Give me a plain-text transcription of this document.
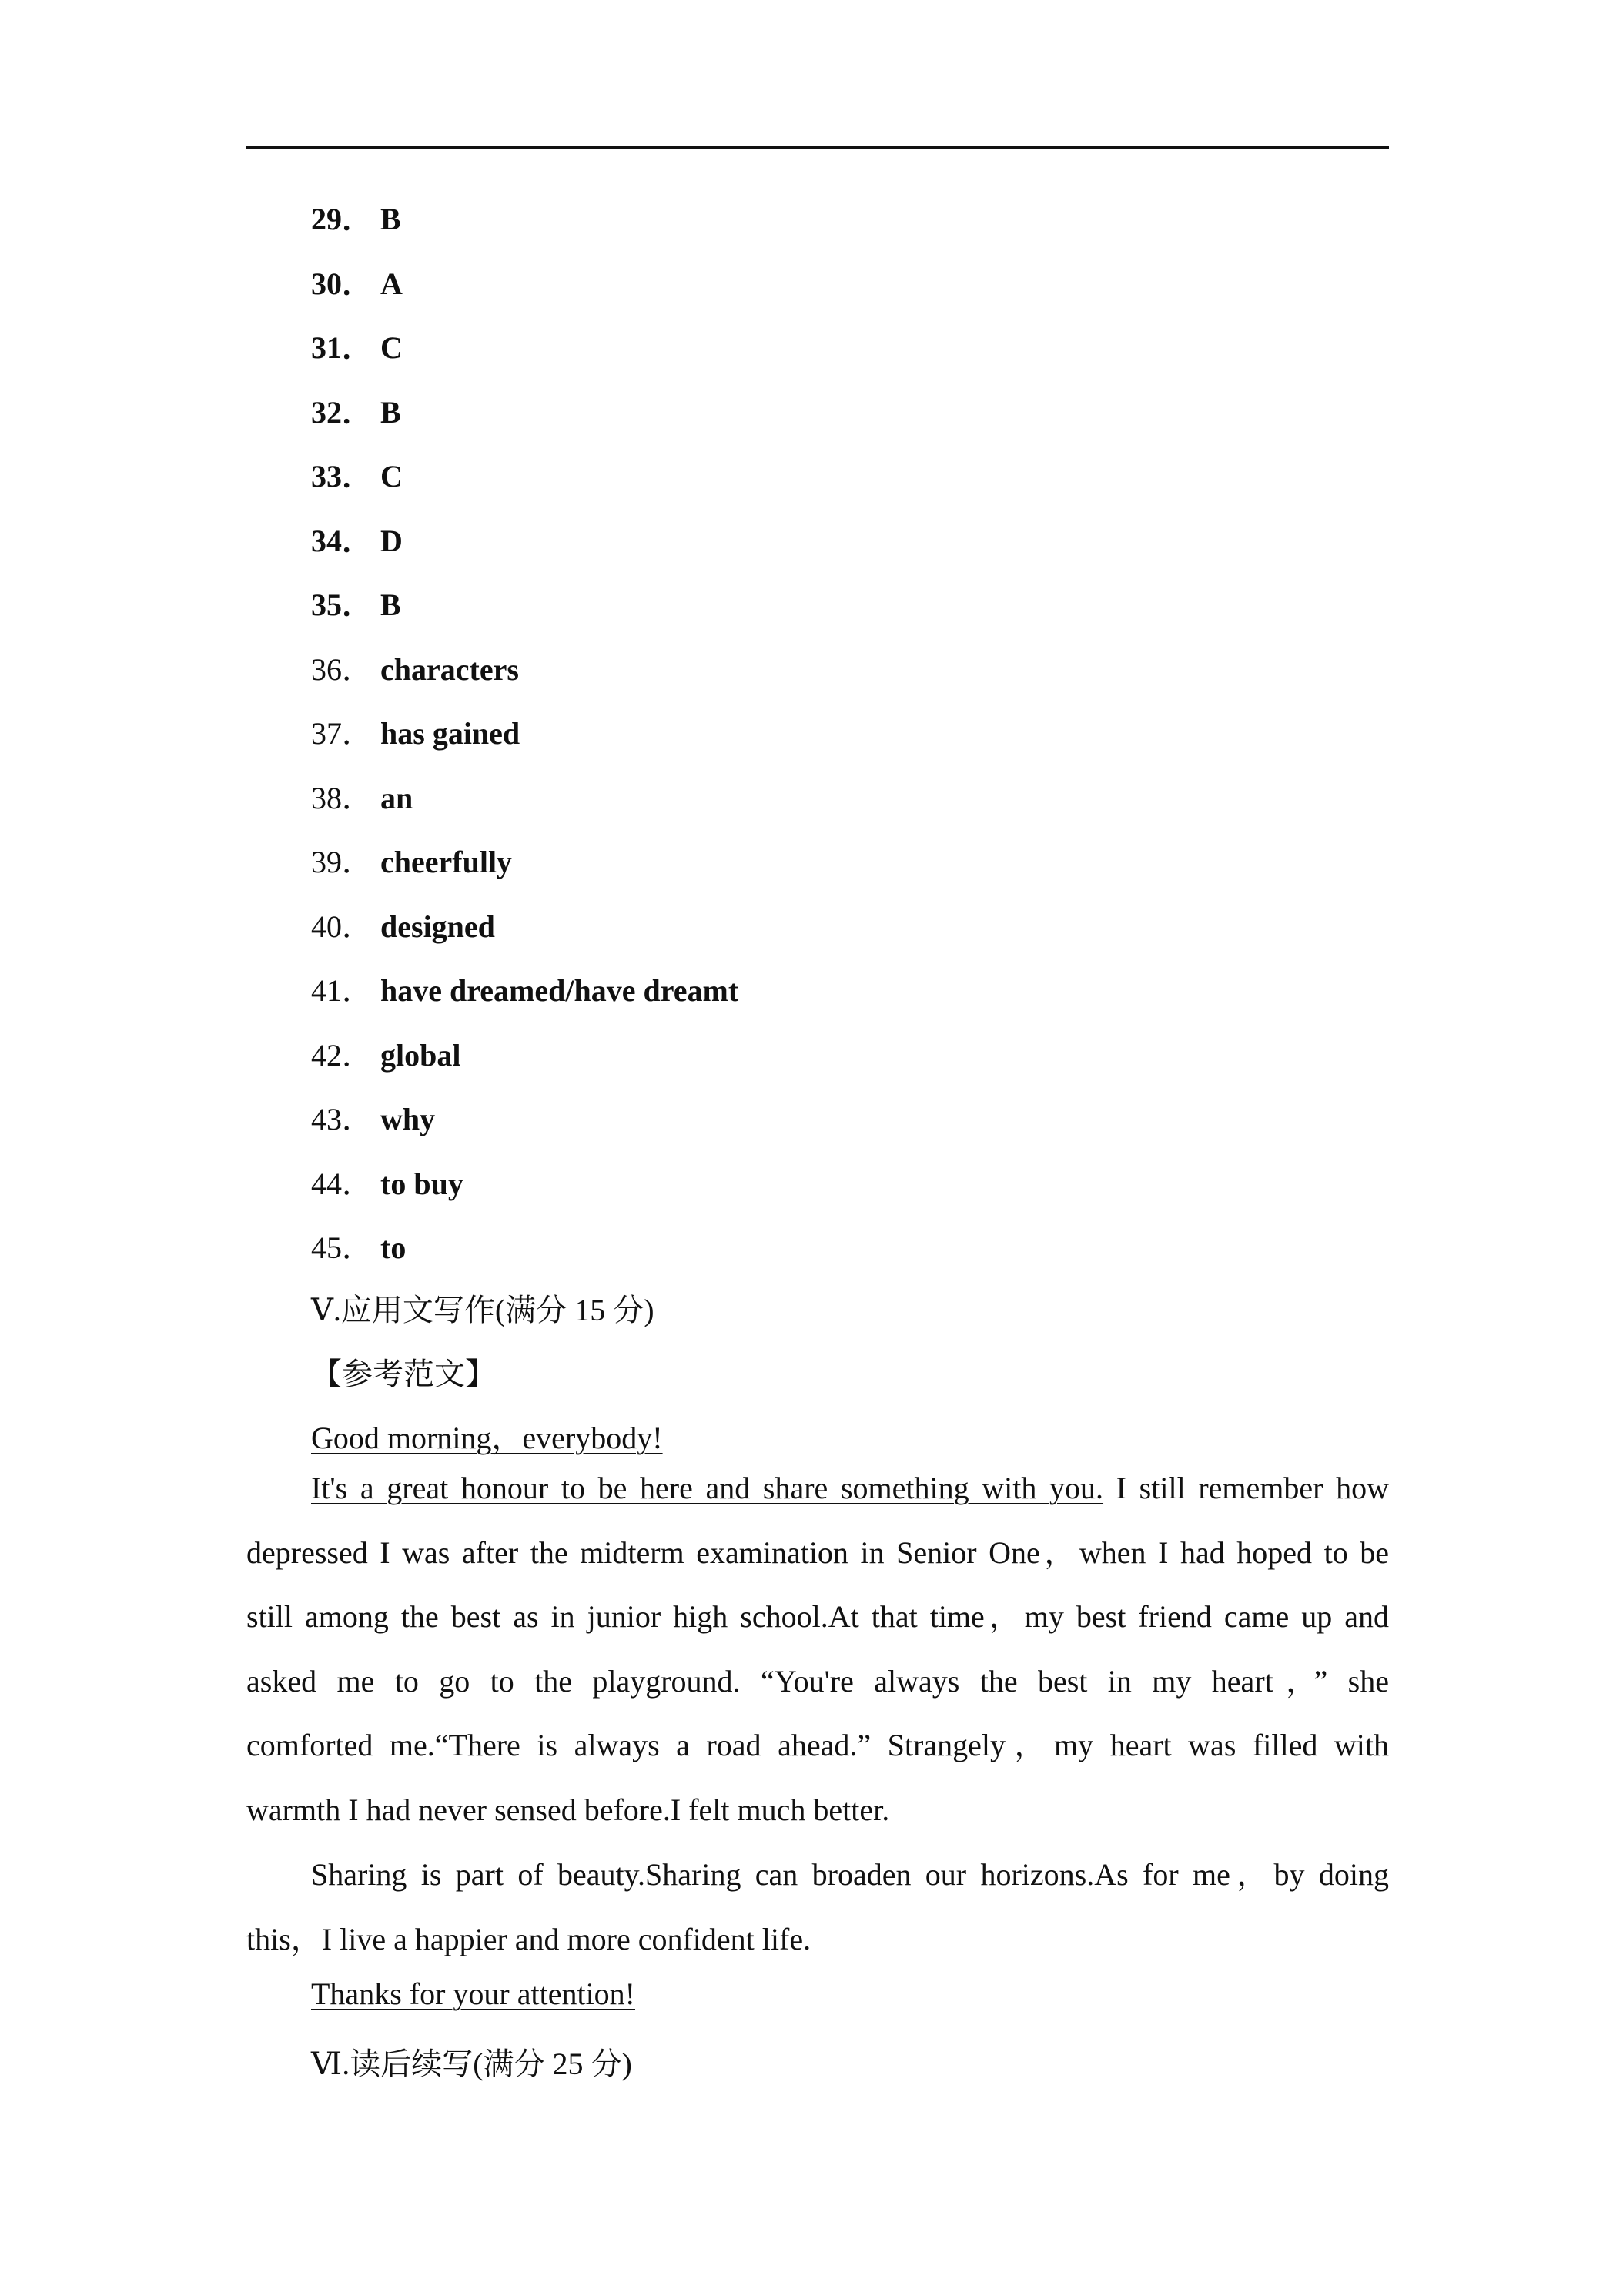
29． B
30． A
31． C
32． B
33． C
34． D
35． B
36． characters
37． has gained
38． an
39． cheerfully
40． designed
41． have dreamed/have dreamt
42． global
43． why
44． to buy
45． to
Ⅴ.应用文写作(满分 15 分)
【参考范文】
Good morning，everybody!
It's a great honour to be here and share something with you. I still remember how
depressed I was after the midterm examination in Senior One，when I had hoped to be
still among the best as in junior high school.At that time，my best friend came up and
asked me to go to the playground. “You're always the best in my heart，” she
comforted me.“There is always a road ahead.” Strangely，my heart was filled with
warmth I had never sensed before.I felt much better.
Sharing is part of beauty.Sharing can broaden our horizons.As for me，by doing
this，I live a happier and more confident life.
Thanks for your attention!
Ⅵ.读后续写(满分 25 分)
